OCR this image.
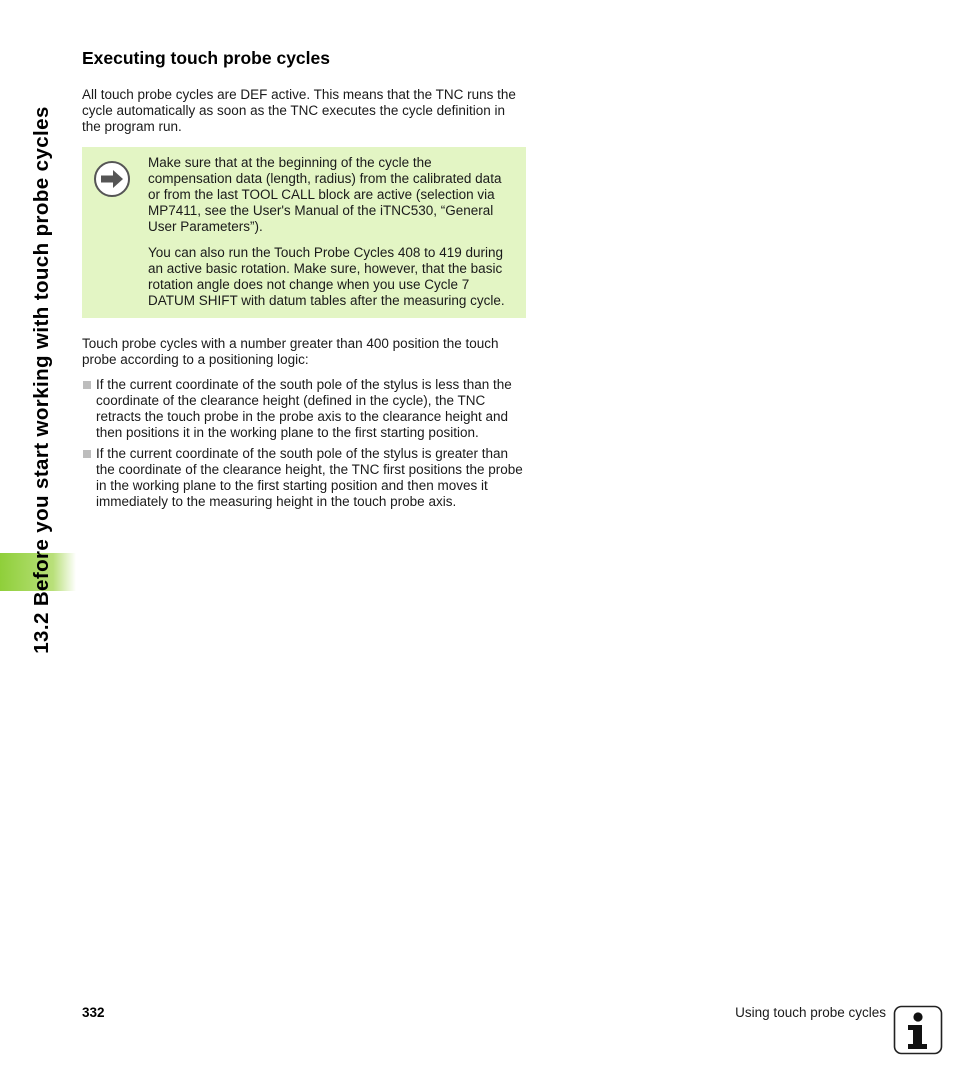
13.2 Before you start working with touch probe cycles
Executing touch probe cycles

All touch probe cycles are DEF active. This means that the TNC runs the cycle automatically as soon as the TNC executes the cycle definition in the program run.

Make sure that at the beginning of the cycle the compensation data (length, radius) from the calibrated data or from the last TOOL CALL block are active (selection via MP7411, see the User's Manual of the iTNC530, “General User Parameters”).

You can also run the Touch Probe Cycles 408 to 419 during an active basic rotation. Make sure, however, that the basic rotation angle does not change when you use Cycle 7 DATUM SHIFT with datum tables after the measuring cycle.

Touch probe cycles with a number greater than 400 position the touch probe according to a positioning logic:

If the current coordinate of the south pole of the stylus is less than the coordinate of the clearance height (defined in the cycle), the TNC retracts the touch probe in the probe axis to the clearance height and then positions it in the working plane to the first starting position.
If the current coordinate of the south pole of the stylus is greater than the coordinate of the clearance height, the TNC first positions the probe in the working plane to the first starting position and then moves it immediately to the measuring height in the touch probe axis.
332	Using touch probe cycles
